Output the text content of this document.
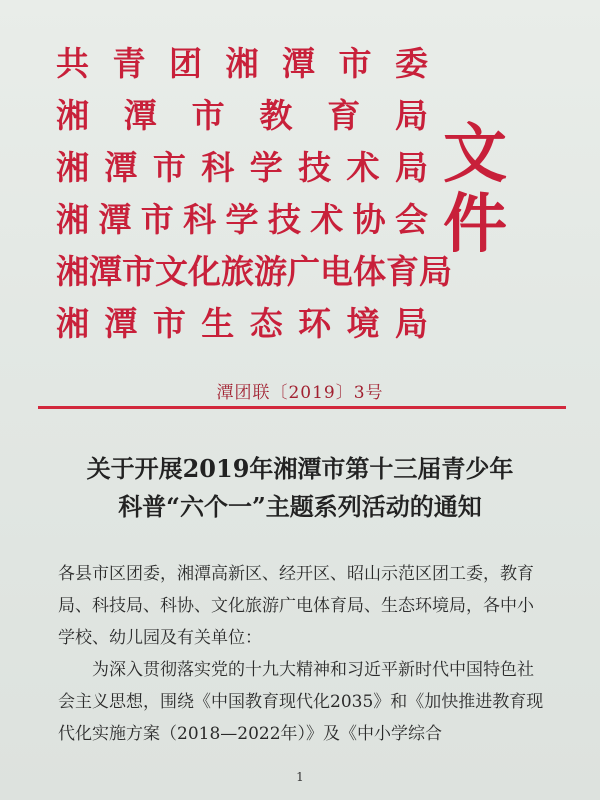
共 青 团 湘 潭 市 委
湘 潭 市 教 育 局
湘 潭 市 科 学 技 术 局
湘 潭 市 科 学 技 术 协 会
湘 潭 市 文 化 旅 游 广 电 体 育 局
湘 潭 市 生 态 环 境 局
文
件
潭团联〔2019〕3号
关于开展2019年湘潭市第十三届青少年
科普“六个一”主题系列活动的通知

各县市区团委，湘潭高新区、经开区、昭山示范区团工委，教育局、科技局、科协、文化旅游广电体育局、生态环境局，各中小学校、幼儿园及有关单位：

为深入贯彻落实党的十九大精神和习近平新时代中国特色社会主义思想，围绕《中国教育现代化2035》和《加快推进教育现代化实施方案（2018—2022年）》及《中小学综合

1
